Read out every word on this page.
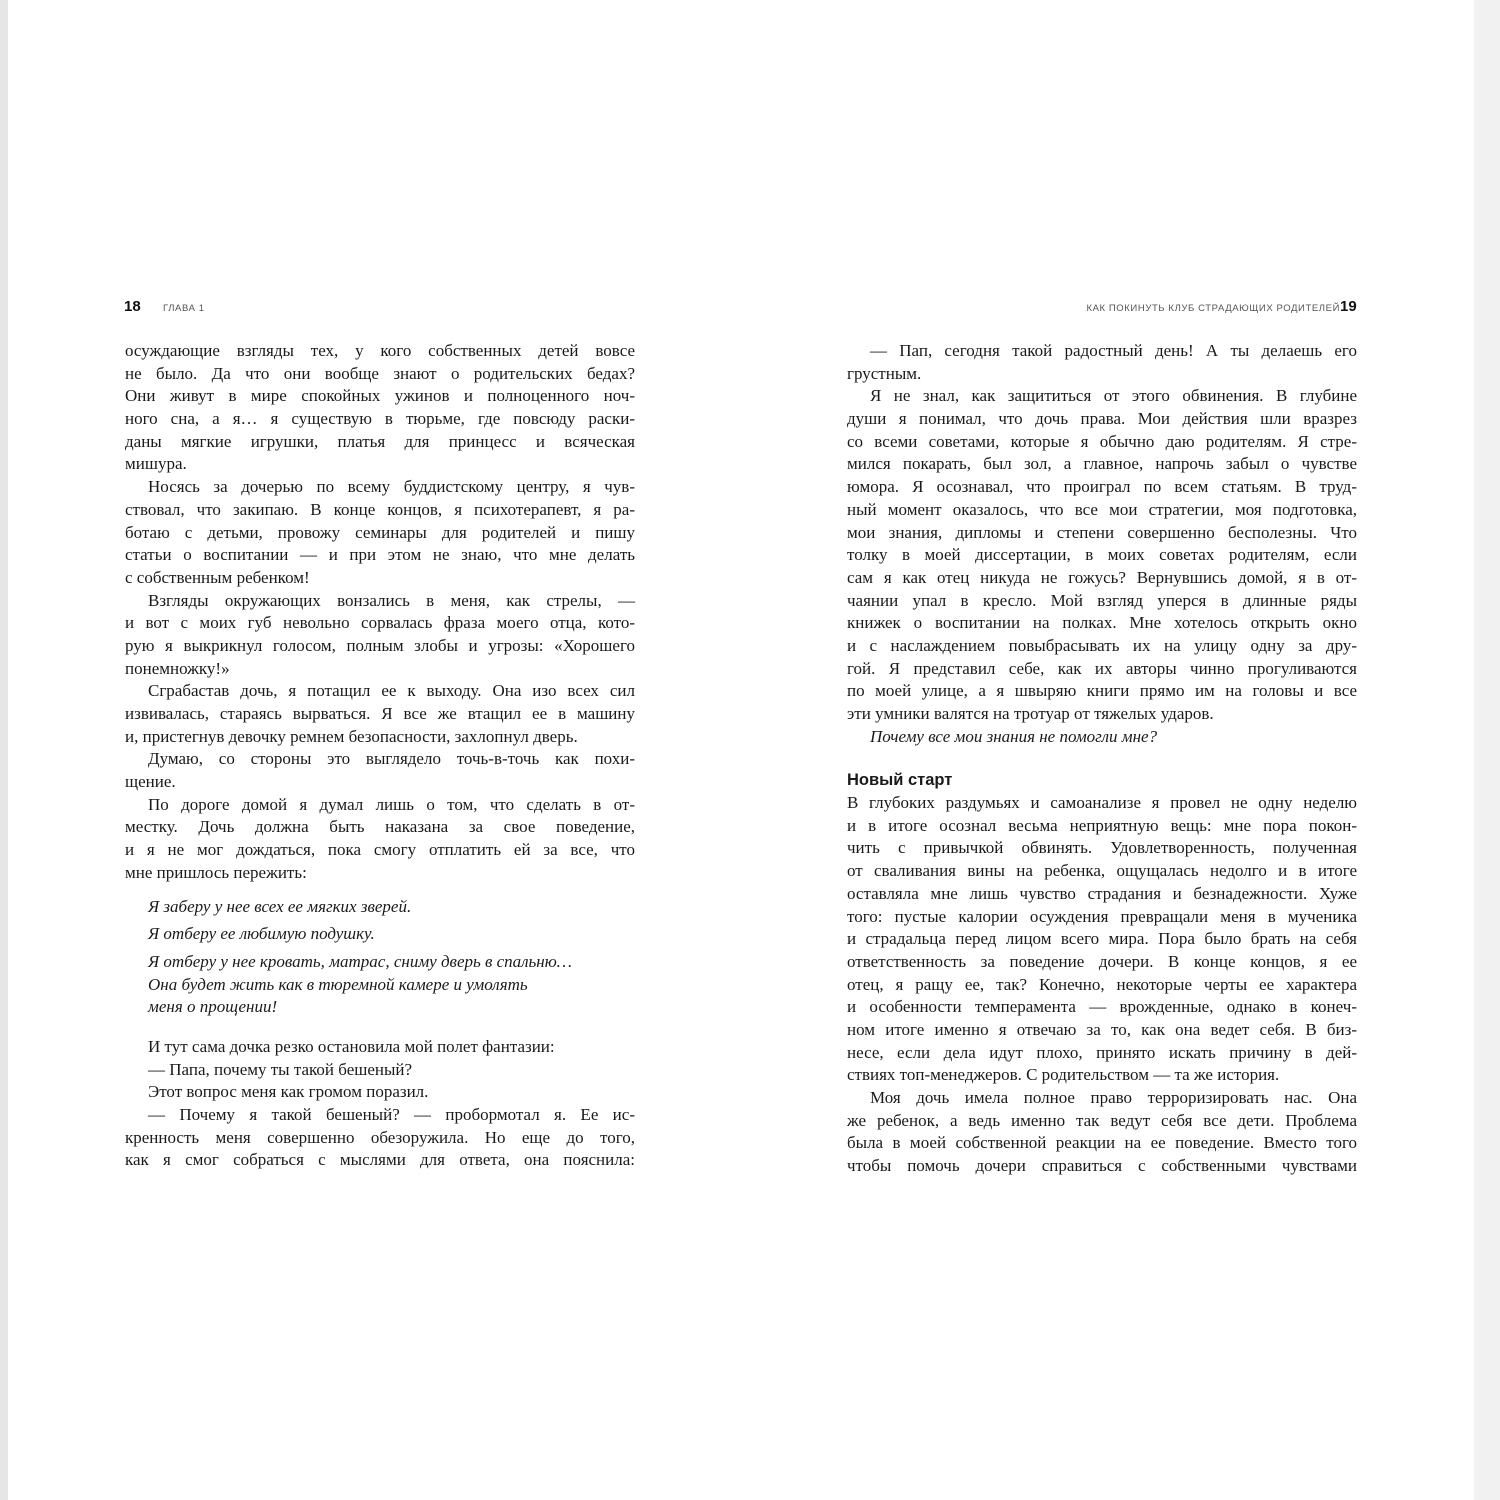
18 ГЛАВА 1	КАК ПОКИНУТЬ КЛУБ СТРАДАЮЩИХ РОДИТЕЛЕЙ 19
осуждающие взгляды тех, у кого собственных детей вовсе
не было. Да что они вообще знают о родительских бедах?
Они живут в мире спокойных ужинов и полноценного ноч-
ного сна, а я… я существую в тюрьме, где повсюду раски-
даны мягкие игрушки, платья для принцесс и всяческая
мишура.
Носясь за дочерью по всему буддистскому центру, я чув-
ствовал, что закипаю. В конце концов, я психотерапевт, я ра-
ботаю с детьми, провожу семинары для родителей и пишу
статьи о воспитании — и при этом не знаю, что мне делать
с собственным ребенком!
Взгляды окружающих вонзались в меня, как стрелы, —
и вот с моих губ невольно сорвалась фраза моего отца, кото-
рую я выкрикнул голосом, полным злобы и угрозы: «Хорошего
понемножку!»
Сграбастав дочь, я потащил ее к выходу. Она изо всех сил
извивалась, стараясь вырваться. Я все же втащил ее в машину
и, пристегнув девочку ремнем безопасности, захлопнул дверь.
Думаю, со стороны это выглядело точь-в-точь как похи-
щение.
По дороге домой я думал лишь о том, что сделать в от-
местку. Дочь должна быть наказана за свое поведение,
и я не мог дождаться, пока смогу отплатить ей за все, что
мне пришлось пережить:
Я заберу у нее всех ее мягких зверей.
Я отберу ее любимую подушку.
Я отберу у нее кровать, матрас, сниму дверь в спальню…
Она будет жить как в тюремной камере и умолять
меня о прощении!
И тут сама дочка резко остановила мой полет фантазии:
— Папа, почему ты такой бешеный?
Этот вопрос меня как громом поразил.
— Почему я такой бешеный? — пробормотал я. Ее ис-
кренность меня совершенно обезоружила. Но еще до того,
как я смог собраться с мыслями для ответа, она пояснила:
— Пап, сегодня такой радостный день! А ты делаешь его
грустным.
Я не знал, как защититься от этого обвинения. В глубине
души я понимал, что дочь права. Мои действия шли вразрез
со всеми советами, которые я обычно даю родителям. Я стре-
мился покарать, был зол, а главное, напрочь забыл о чувстве
юмора. Я осознавал, что проиграл по всем статьям. В труд-
ный момент оказалось, что все мои стратегии, моя подготовка,
мои знания, дипломы и степени совершенно бесполезны. Что
толку в моей диссертации, в моих советах родителям, если
сам я как отец никуда не гожусь? Вернувшись домой, я в от-
чаянии упал в кресло. Мой взгляд уперся в длинные ряды
книжек о воспитании на полках. Мне хотелось открыть окно
и с наслаждением повыбрасывать их на улицу одну за дру-
гой. Я представил себе, как их авторы чинно прогуливаются
по моей улице, а я швыряю книги прямо им на головы и все
эти умники валятся на тротуар от тяжелых ударов.
Почему все мои знания не помогли мне?
Новый старт
В глубоких раздумьях и самоанализе я провел не одну неделю
и в итоге осознал весьма неприятную вещь: мне пора покон-
чить с привычкой обвинять. Удовлетворенность, полученная
от сваливания вины на ребенка, ощущалась недолго и в итоге
оставляла мне лишь чувство страдания и безнадежности. Хуже
того: пустые калории осуждения превращали меня в мученика
и страдальца перед лицом всего мира. Пора было брать на себя
ответственность за поведение дочери. В конце концов, я ее
отец, я ращу ее, так? Конечно, некоторые черты ее характера
и особенности темперамента — врожденные, однако в конеч-
ном итоге именно я отвечаю за то, как она ведет себя. В биз-
несе, если дела идут плохо, принято искать причину в дей-
ствиях топ-менеджеров. С родительством — та же история.
Моя дочь имела полное право терроризировать нас. Она
же ребенок, а ведь именно так ведут себя все дети. Проблема
была в моей собственной реакции на ее поведение. Вместо того
чтобы помочь дочери справиться с собственными чувствами
